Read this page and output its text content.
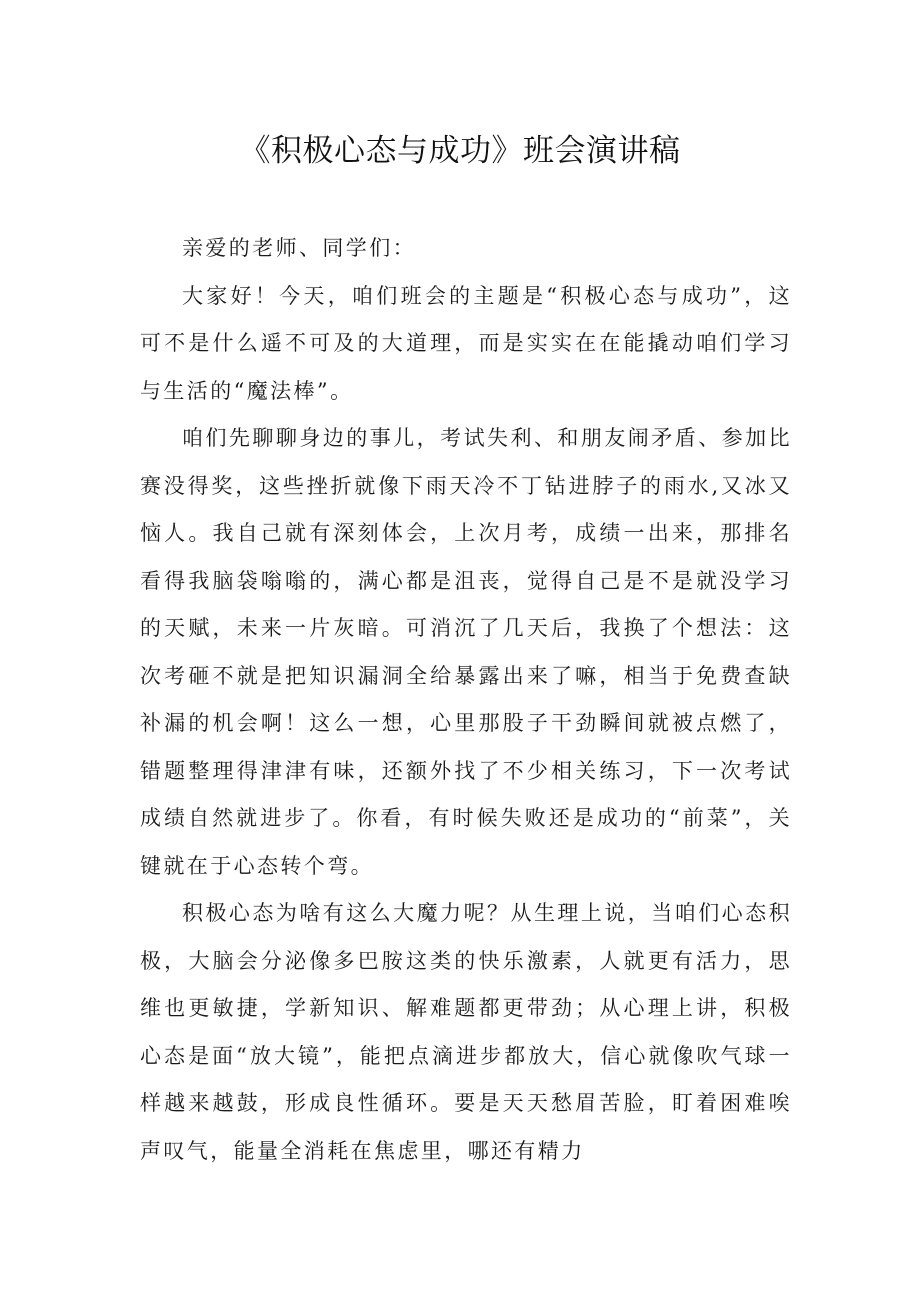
《积极心态与成功》班会演讲稿

亲爱的老师、同学们：

大家好！今天，咱们班会的主题是“积极心态与成功”，这可不是什么遥不可及的大道理，而是实实在在能撬动咱们学习与生活的“魔法棒”。

咱们先聊聊身边的事儿，考试失利、和朋友闹矛盾、参加比赛没得奖，这些挫折就像下雨天冷不丁钻进脖子的雨水,又冰又恼人。我自己就有深刻体会，上次月考，成绩一出来，那排名看得我脑袋嗡嗡的，满心都是沮丧，觉得自己是不是就没学习的天赋，未来一片灰暗。可消沉了几天后，我换了个想法：这次考砸不就是把知识漏洞全给暴露出来了嘛，相当于免费查缺补漏的机会啊！这么一想，心里那股子干劲瞬间就被点燃了，错题整理得津津有味，还额外找了不少相关练习，下一次考试成绩自然就进步了。你看，有时候失败还是成功的“前菜”，关键就在于心态转个弯。

积极心态为啥有这么大魔力呢？从生理上说，当咱们心态积极，大脑会分泌像多巴胺这类的快乐激素，人就更有活力，思维也更敏捷，学新知识、解难题都更带劲；从心理上讲，积极心态是面“放大镜”，能把点滴进步都放大，信心就像吹气球一样越来越鼓，形成良性循环。要是天天愁眉苦脸，盯着困难唉声叹气，能量全消耗在焦虑里，哪还有精力
